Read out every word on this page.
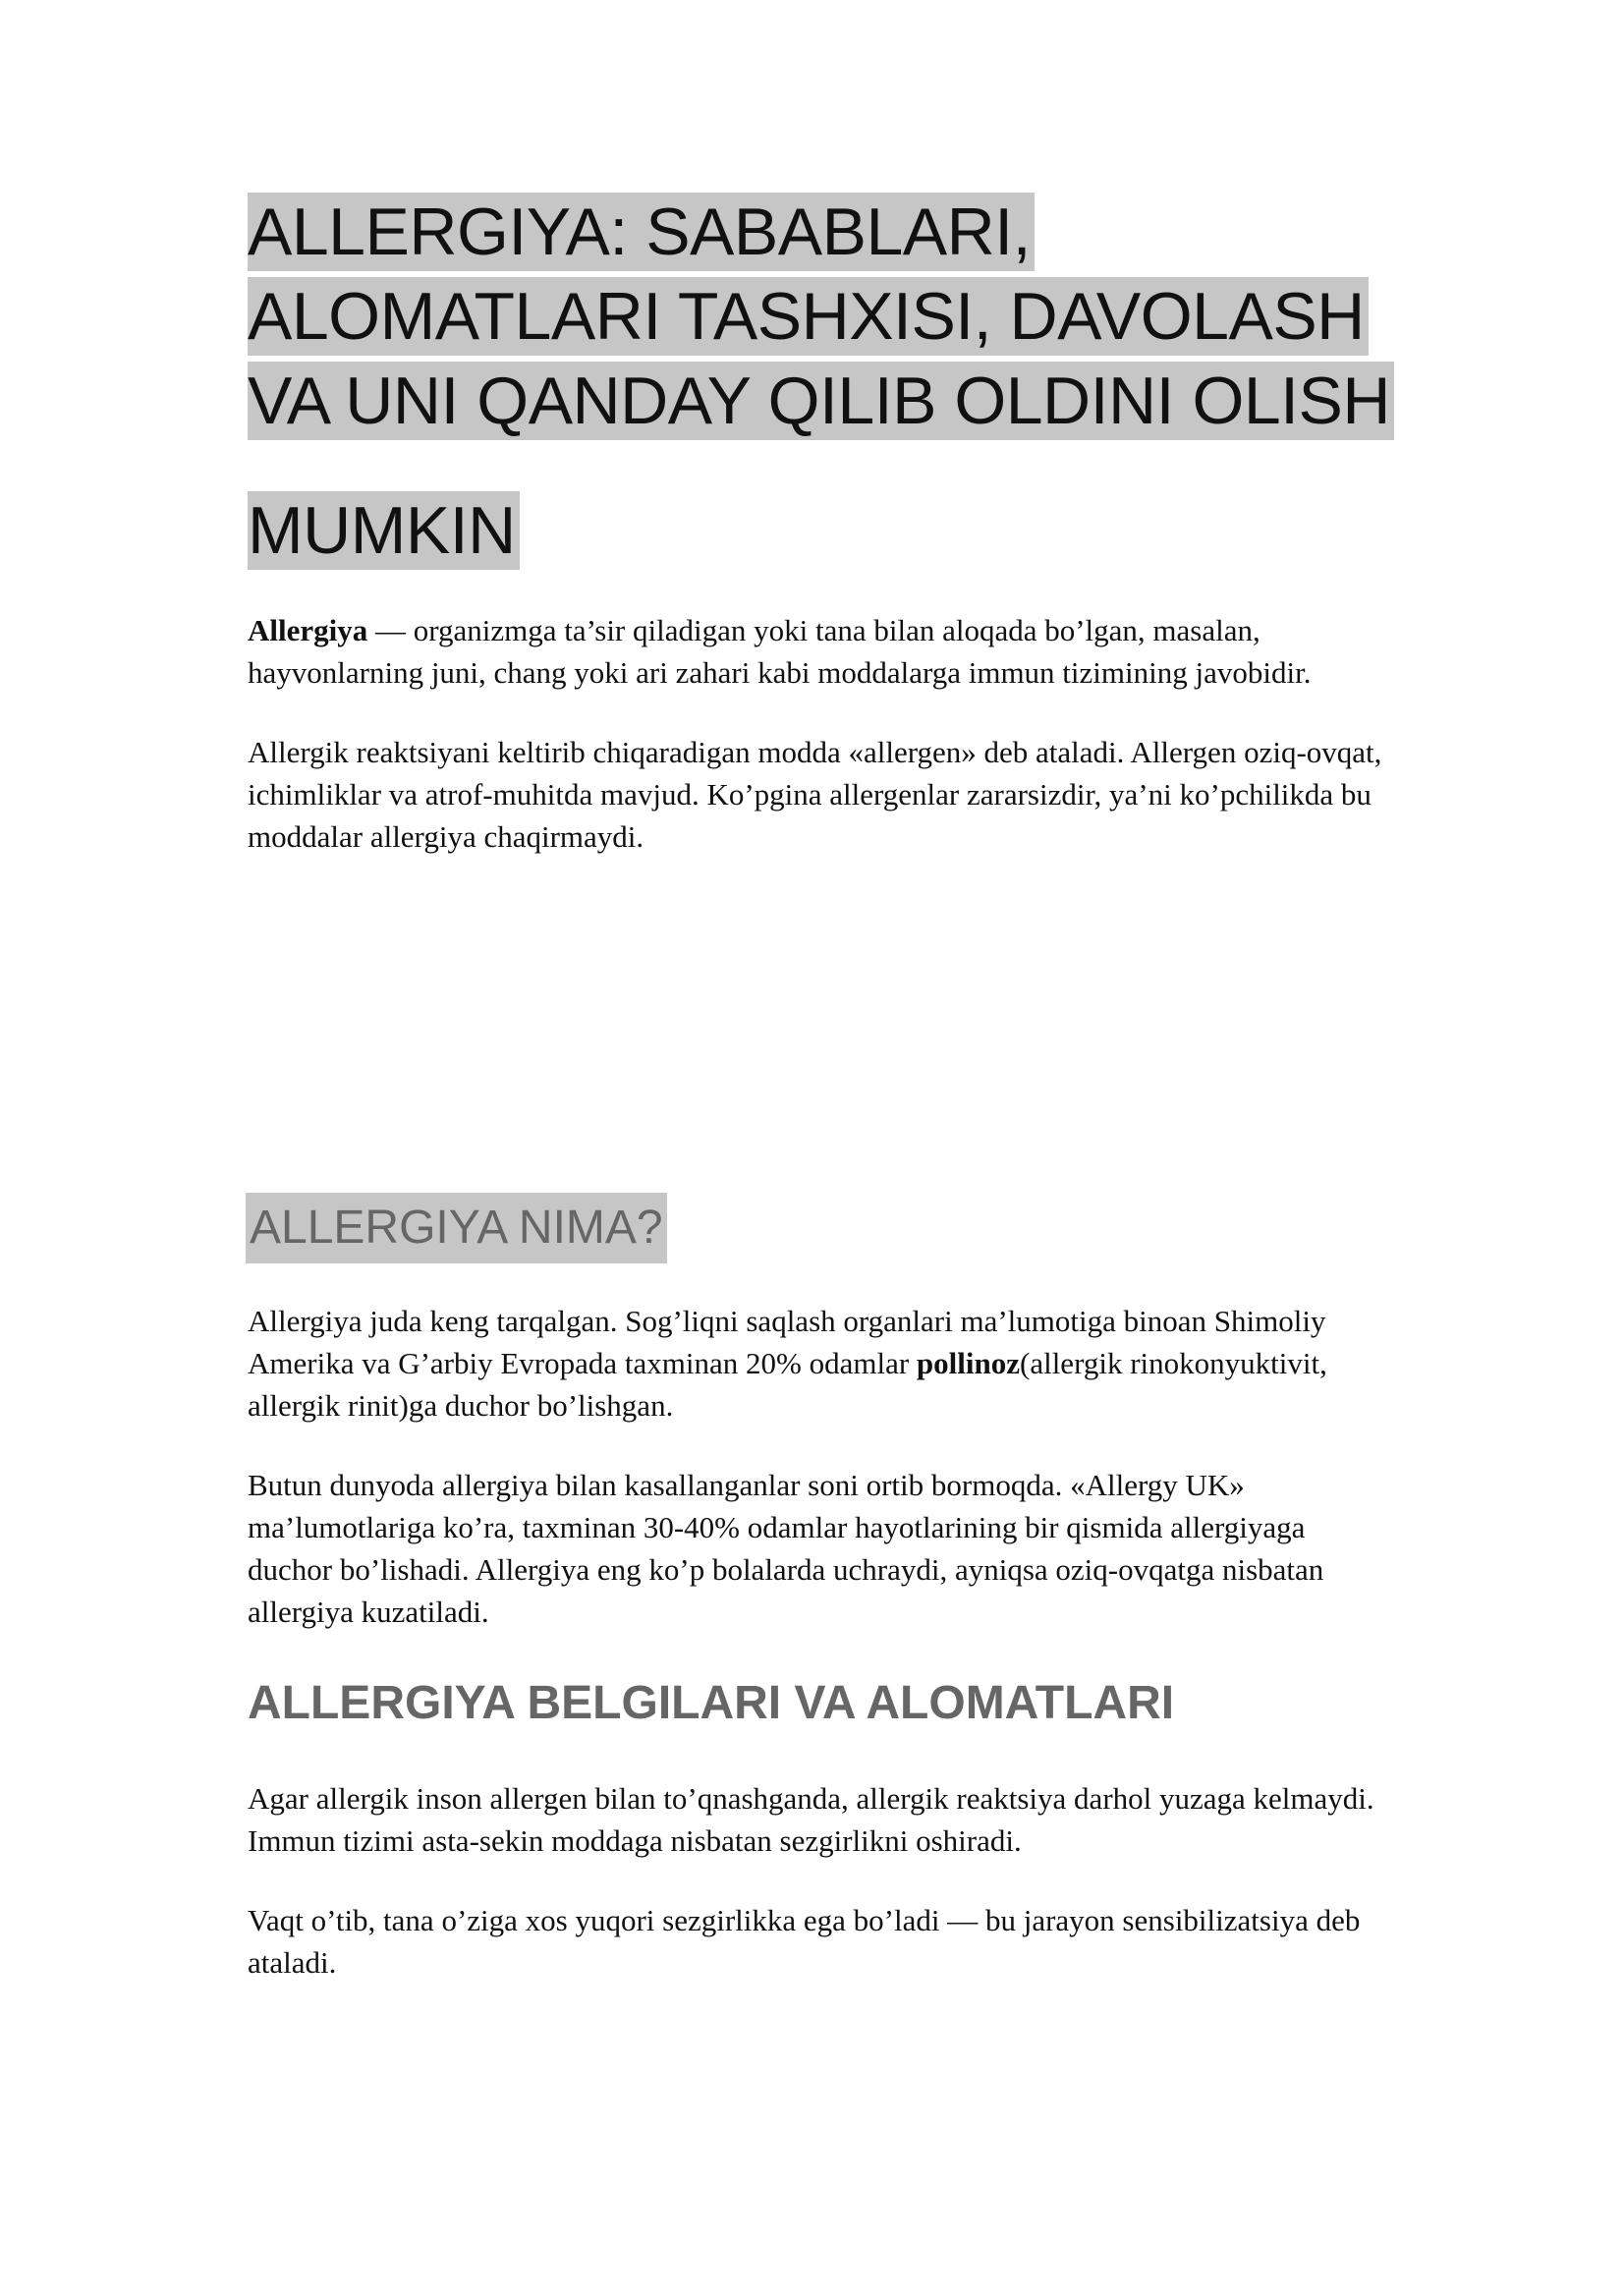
ALLERGIYA: SABABLARI,
ALOMATLARI TASHXISI, DAVOLASH
VA UNI QANDAY QILIB OLDINI OLISH
MUMKIN

Allergiya — organizmga ta’sir qiladigan yoki tana bilan aloqada bo’lgan, masalan, hayvonlarning juni, chang yoki ari zahari kabi moddalarga immun tizimining javobidir.

Allergik reaktsiyani keltirib chiqaradigan modda «allergen» deb ataladi. Allergen oziq-ovqat, ichimliklar va atrof-muhitda mavjud. Ko’pgina allergenlar zararsizdir, ya’ni ko’pchilikda bu moddalar allergiya chaqirmaydi.

ALLERGIYA NIMA?

Allergiya juda keng tarqalgan. Sog’liqni saqlash organlari ma’lumotiga binoan Shimoliy Amerika va G’arbiy Evropada taxminan 20% odamlar pollinoz(allergik rinokonyuktivit, allergik rinit)ga duchor bo’lishgan.

Butun dunyoda allergiya bilan kasallanganlar soni ortib bormoqda. «Allergy UK» ma’lumotlariga ko’ra, taxminan 30-40% odamlar hayotlarining bir qismida allergiyaga duchor bo’lishadi. Allergiya eng ko’p bolalarda uchraydi, ayniqsa oziq-ovqatga nisbatan allergiya kuzatiladi.

ALLERGIYA BELGILARI VA ALOMATLARI

Agar allergik inson allergen bilan to’qnashganda, allergik reaktsiya darhol yuzaga kelmaydi. Immun tizimi asta-sekin moddaga nisbatan sezgirlikni oshiradi.

Vaqt o’tib, tana o’ziga xos yuqori sezgirlikka ega bo’ladi — bu jarayon sensibilizatsiya deb ataladi.
